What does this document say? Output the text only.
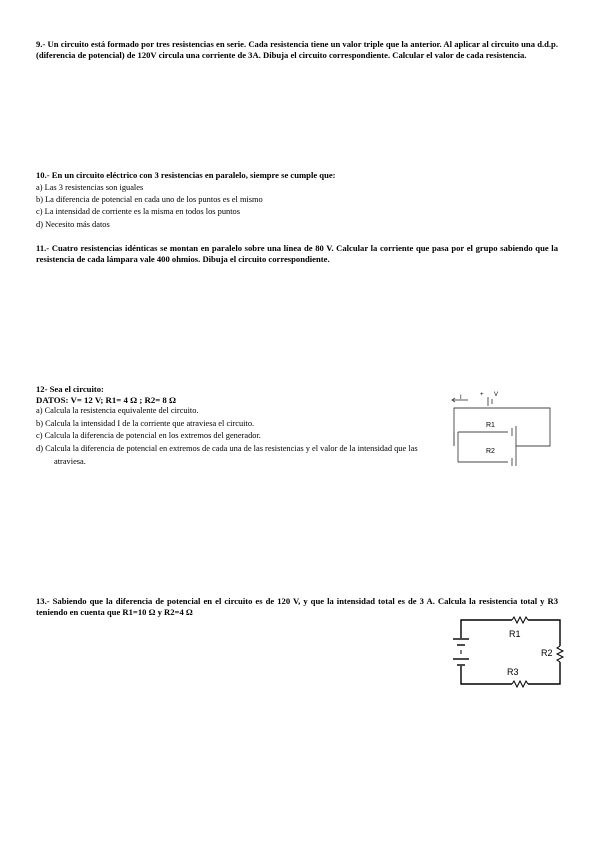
9.- Un circuito está formado por tres resistencias en serie. Cada resistencia tiene un valor triple que la anterior. Al aplicar al circuito una d.d.p. (diferencia de potencial) de 120V circula una corriente de 3A. Dibuja el circuito correspondiente. Calcular el valor de cada resistencia.
10.- En un circuito eléctrico con 3 resistencias en paralelo, siempre se cumple que:
a) Las 3 resistencias son iguales
b) La diferencia de potencial en cada uno de los puntos es el mismo
c) La intensidad de corriente es la misma en todos los puntos
d) Necesito más datos
11.- Cuatro resistencias idénticas se montan en paralelo sobre una línea de 80 V. Calcular la corriente que pasa por el grupo sabiendo que la resistencia de cada lámpara vale 400 ohmios. Dibuja el circuito correspondiente.
12- Sea el circuito:
DATOS: V= 12 V; R1= 4 Ω ; R2= 8 Ω
a) Calcula la resistencia equivalente del circuito.
b) Calcula la intensidad I de la corriente que atraviesa el circuito.
c) Calcula la diferencia de potencial en los extremos del generador.
d) Calcula la diferencia de potencial en extremos de cada una de las resistencias y el valor de la intensidad que las atraviesa.
I	V
+
R1
R2
13.- Sabiendo que la diferencia de potencial en el circuito es de 120 V, y que la intensidad total es de 3 A. Calcula la resistencia total y R3 teniendo en cuenta que R1=10 Ω y R2=4 Ω
R1
R2
R3
